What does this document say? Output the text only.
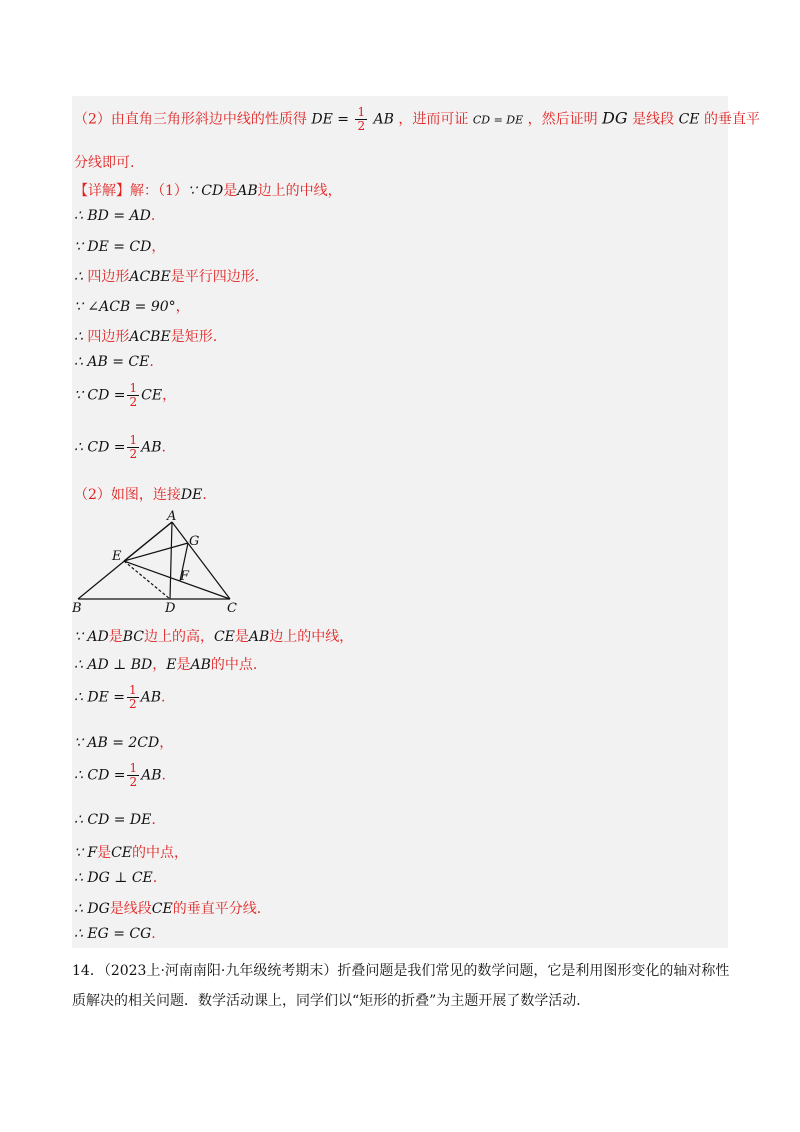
（2）由直角三角形斜边中线的性质得 DE = $\frac{1}{2}$ AB ，进而可证 CD = DE ，然后证明 DG 是线段 CE 的垂直平
分线即可.
【详解】解：（1）∵ CD是AB边上的中线，
∴ BD = AD.
∵ DE = CD，
∴ 四边形ACBE是平行四边形.
∵ ∠ACB = 90°，
∴ 四边形ACBE是矩形.
∴ AB = CE.
∵ CD = $\frac{1}{2}$ CE，
∴ CD = $\frac{1}{2}$ AB.
（2）如图，连接DE.
A
B	C
D
E
F
G
∵ AD是BC边上的高，CE是AB边上的中线，
∴ AD ⊥ BD，E是AB的中点.
∴ DE = $\frac{1}{2}$ AB.
∵ AB = 2CD，
∴ CD = $\frac{1}{2}$ AB.
∴ CD = DE.
∵ F是CE的中点，
∴ DG ⊥ CE.
∴ DG是线段CE的垂直平分线.
∴ EG = CG.
14．（2023上·河南南阳·九年级统考期末）折叠问题是我们常见的数学问题，它是利用图形变化的轴对称性质解决的相关问题．数学活动课上，同学们以“矩形的折叠”为主题开展了数学活动．
